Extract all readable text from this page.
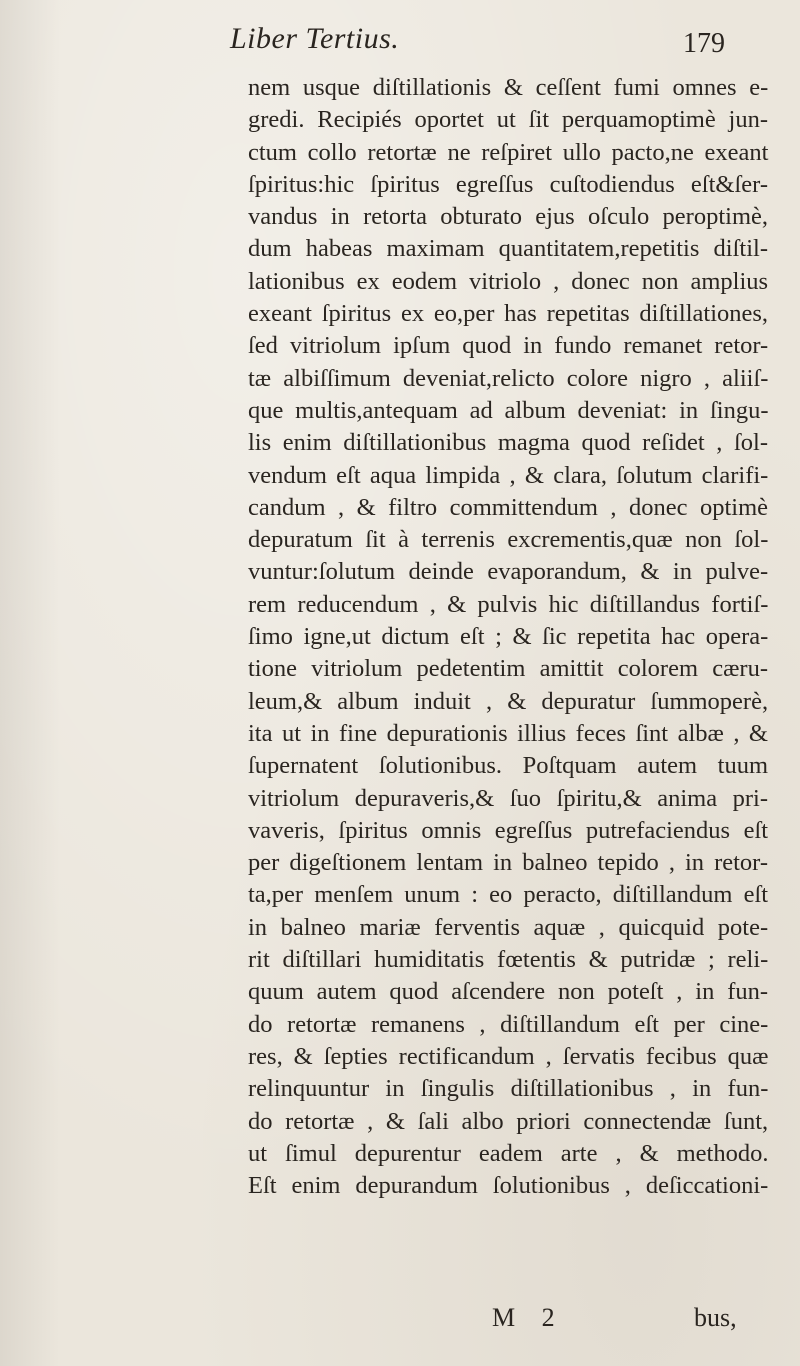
Liber Tertius.	179
nem usque diſtillationis & ceſſent fumi omnes e-
gredi. Recipiés oportet ut ſit perquamoptimè jun-
ctum collo retortæ ne reſpiret ullo pacto,ne exeant
ſpiritus:hic ſpiritus egreſſus cuſtodiendus eſt&ſer-
vandus in retorta obturato ejus oſculo peroptimè,
dum habeas maximam quantitatem,repetitis diſtil-
lationibus ex eodem vitriolo , donec non amplius
exeant ſpiritus ex eo,per has repetitas diſtillationes,
ſed vitriolum ipſum quod in fundo remanet retor-
tæ albiſſimum deveniat,relicto colore nigro , aliiſ-
que multis,antequam ad album deveniat: in ſingu-
lis enim diſtillationibus magma quod reſidet , ſol-
vendum eſt aqua limpida , & clara, ſolutum clarifi-
candum , & filtro committendum , donec optimè
depuratum ſit à terrenis excrementis,quæ non ſol-
vuntur:ſolutum deinde evaporandum, & in pulve-
rem reducendum , & pulvis hic diſtillandus fortiſ-
ſimo igne,ut dictum eſt ; & ſic repetita hac opera-
tione vitriolum pedetentim amittit colorem cæru-
leum,& album induit , & depuratur ſummoperè,
ita ut in fine depurationis illius feces ſint albæ , &
ſupernatent ſolutionibus. Poſtquam autem tuum
vitriolum depuraveris,& ſuo ſpiritu,& anima pri-
vaveris, ſpiritus omnis egreſſus putrefaciendus eſt
per digeſtionem lentam in balneo tepido , in retor-
ta,per menſem unum : eo peracto, diſtillandum eſt
in balneo mariæ ferventis aquæ , quicquid pote-
rit diſtillari humiditatis fœtentis & putridæ ; reli-
quum autem quod aſcendere non poteſt , in fun-
do retortæ remanens , diſtillandum eſt per cine-
res, & ſepties rectificandum , ſervatis fecibus quæ
relinquuntur in ſingulis diſtillationibus , in fun-
do retortæ , & ſali albo priori connectendæ ſunt,
ut ſimul depurentur eadem arte , & methodo.
Eſt enim depurandum ſolutionibus , deſiccationi-
M 2	bus,
